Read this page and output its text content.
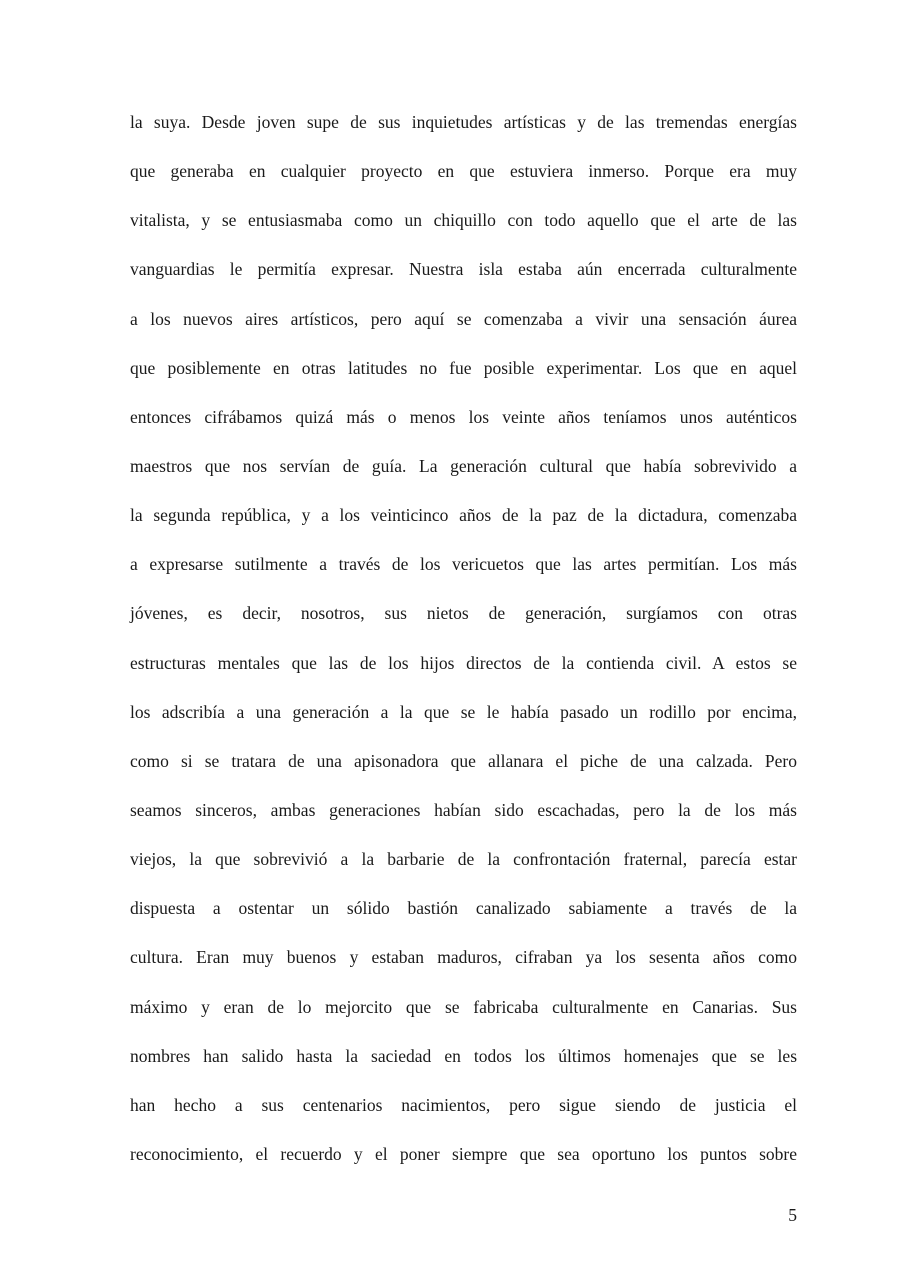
la suya. Desde joven supe de sus inquietudes artísticas y de las tremendas energías
que generaba en cualquier proyecto en que estuviera inmerso. Porque era muy
vitalista, y se entusiasmaba como un chiquillo con todo aquello que el arte de las
vanguardias le permitía expresar. Nuestra isla estaba aún encerrada culturalmente
a los nuevos aires artísticos, pero aquí se comenzaba a vivir una sensación áurea
que posiblemente en otras latitudes no fue posible experimentar. Los que en aquel
entonces cifrábamos quizá más o menos los veinte años teníamos unos auténticos
maestros que nos servían de guía. La generación cultural que había sobrevivido a
la segunda república, y a los veinticinco años de la paz de la dictadura, comenzaba
a expresarse sutilmente a través de los vericuetos que las artes permitían. Los más
jóvenes, es decir, nosotros, sus nietos de generación, surgíamos con otras
estructuras mentales que las de los hijos directos de la contienda civil. A estos se
los adscribía a una generación a la que se le había pasado un rodillo por encima,
como si se tratara de una apisonadora que allanara el piche de una calzada. Pero
seamos sinceros, ambas generaciones habían sido escachadas, pero la de los más
viejos, la que sobrevivió a la barbarie de la confrontación fraternal, parecía estar
dispuesta a ostentar un sólido bastión canalizado sabiamente a través de la
cultura. Eran muy buenos y estaban maduros, cifraban ya los sesenta años como
máximo y eran de lo mejorcito que se fabricaba culturalmente en Canarias. Sus
nombres han salido hasta la saciedad en todos los últimos homenajes que se les
han hecho a sus centenarios nacimientos, pero sigue siendo de justicia el
reconocimiento, el recuerdo y el poner siempre que sea oportuno los puntos sobre
5
